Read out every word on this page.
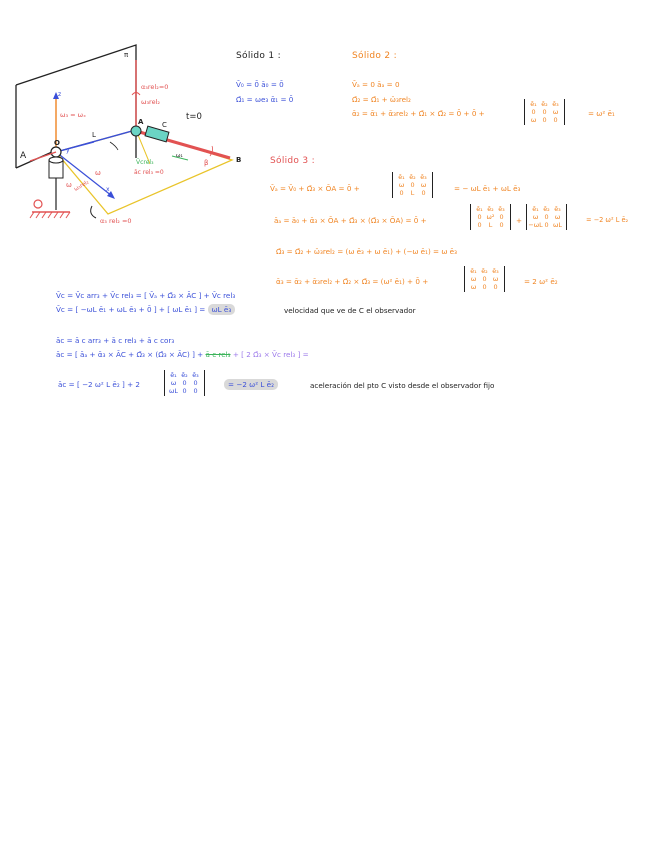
π
α₃rel₂=0
ω₃rel₂
t=0
A
A
C
B
β
O
L
y
z
x
ω₃ = ωₓ
ω
ω ω₃rel₂
V̄crel₃
āc rel₃ =0
α₃ rel₂ =0
ω₁
Sólido 1 :
V̄₀ = 0̄ ā₀ = 0̄
Ω̄₁ = ωe₃ ᾱ₁ = 0̄
Sólido 2 :
V̄ₐ = 0 āₐ = 0
Ω̄₂ = Ω̄₁ + ω̄₃rel₂
ᾱ₂ = ᾱ₁ + ᾱ₃rel₂ + Ω̄₁ × Ω̄₂ = 0̄ + 0̄ +
ē₁ ē₂ ē₃
0 0 ω
ω 0 0
= ω² ē₁
Sólido 3 :
V̄ₐ = V̄₀ + Ω̄₃ × ŌA = 0̄ +
ē₁ ē₂ ē₃
ω 0 ω
0 L 0	= − ωL ē₁ + ωL ē₃
āₐ = ā₀ + ᾱ₃ × ŌA + Ω̄₃ × (Ω̄₃ × ŌA) = 0̄ +
ē₁ ē₂ ē₃
0 ω² 0
0 L 0 +
ē₁ ē₂ ē₃
ω 0 ω
−ωL 0 ωL
= −2 ω² L ē₂
Ω̄₃ = Ω̄₂ + ω̄₃rel₂ = (ω ē₃ + ω ē₁) + (−ω ē₁) = ω ē₃
ᾱ₃ = ᾱ₂ + ᾱ₃rel₂ + Ω̄₂ × Ω̄₃ = (ω² ē₁) + 0̄ +
ē₁ ē₂ ē₃
ω 0 ω
ω 0 0
= 2 ω² ē₂
V̄c = V̄c arr₃ + V̄c rel₃ = [ V̄ₐ + Ω̄₃ × ĀC ] + V̄c rel₃
V̄c = [ −ωL ē₁ + ωL ē₃ + 0̄ ] + [ ωL ē₁ ] = ωL ē₃	velocidad que ve de C el observador
āc = ā c arr₃ + ā c rel₃ + ā c cor₃
āc = [ āₐ + ᾱ₃ × ĀC + Ω̄₃ × (Ω̄₃ × ĀC) ] + ā c rel₃ + [ 2 Ω̄₃ × V̄c rel₃ ] =
āc = [ −2 ω² L ē₂ ] + 2
ē₁ ē₂ ē₃
ω 0 0
ωL 0 0
= −2 ω² L ē₂	aceleración del pto C visto desde el observador fijo
